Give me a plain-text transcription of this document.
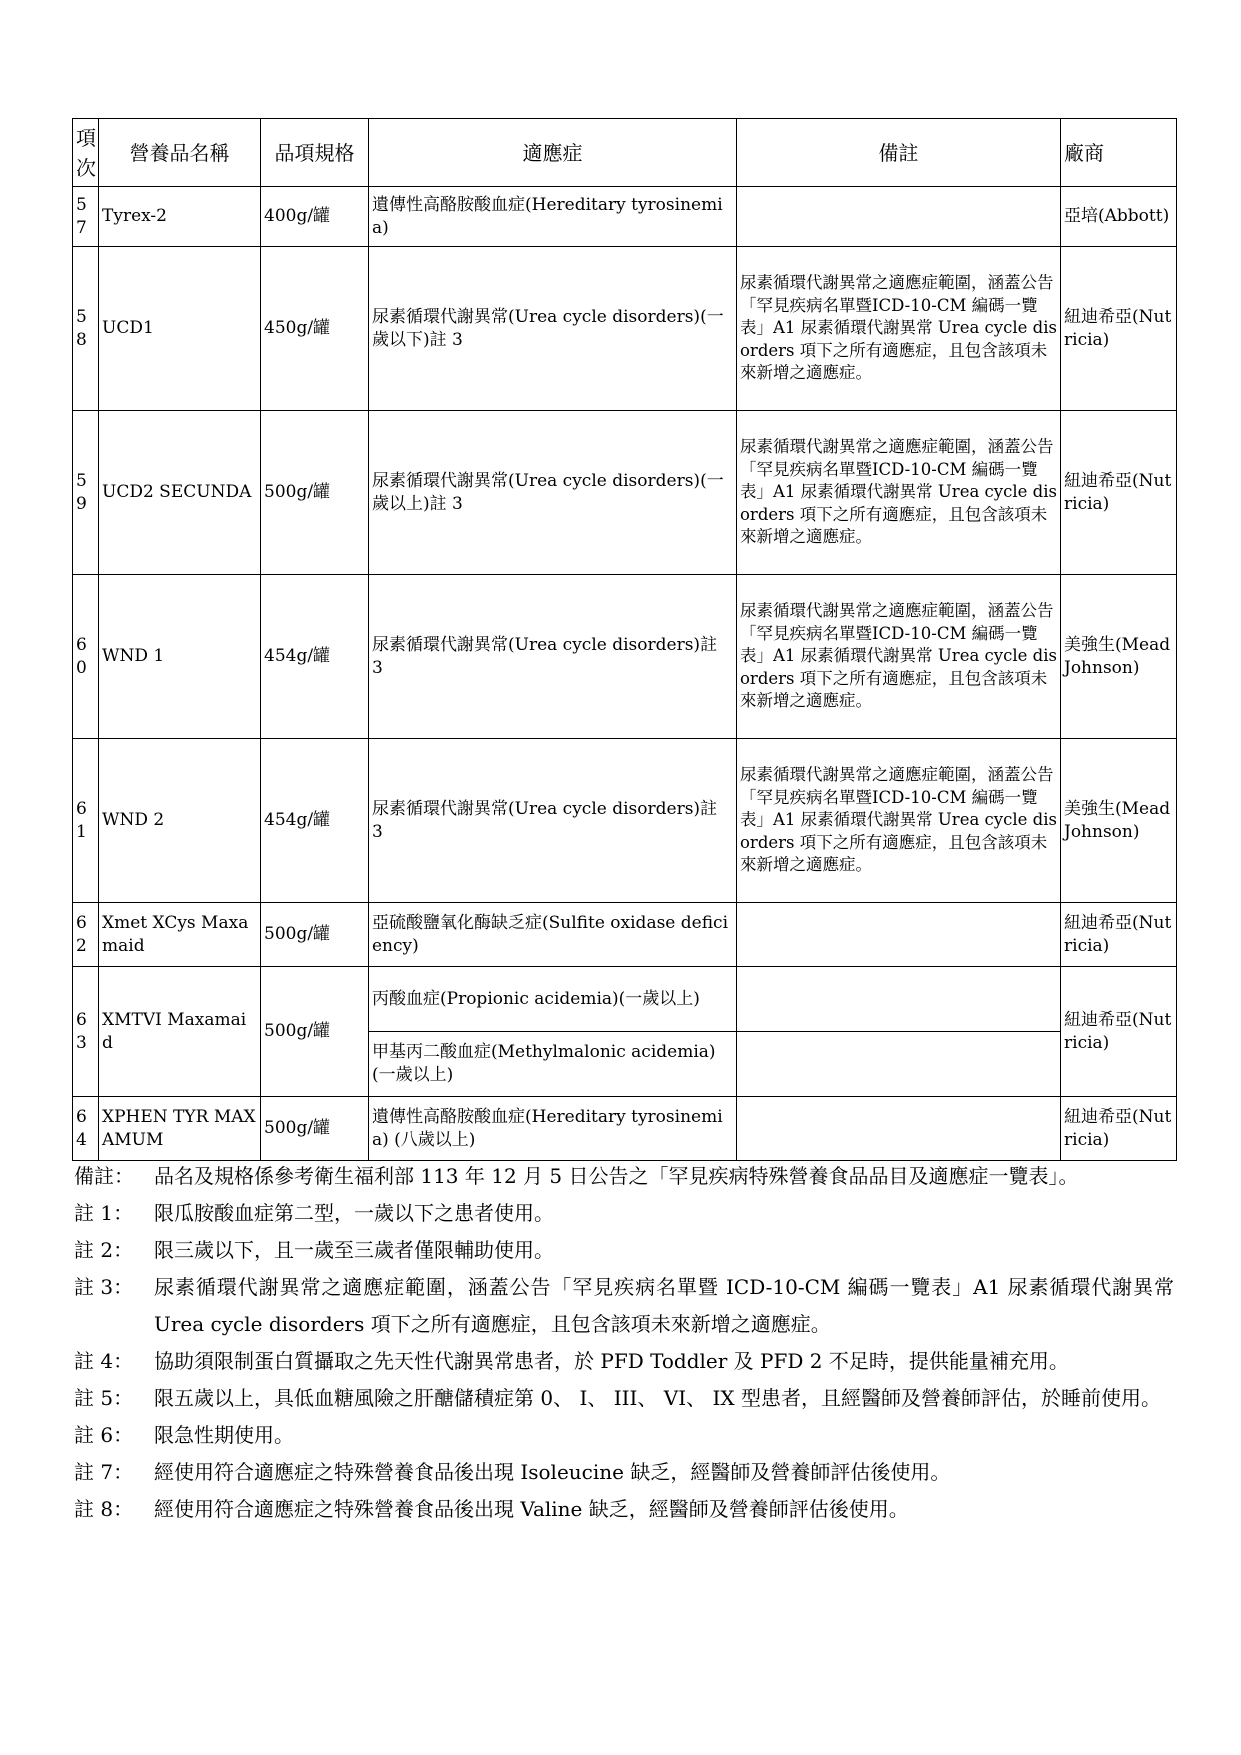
項次	營養品名稱	品項規格	適應症	備註	廠商
57	Tyrex-2	400g/罐	遺傳性高酪胺酸血症(Hereditary tyrosinemia)		亞培(Abbott)
58	UCD1	450g/罐	尿素循環代謝異常(Urea cycle disorders)(一歲以下)註 3	尿素循環代謝異常之適應症範圍，涵蓋公告「罕見疾病名單暨ICD-10-CM 編碼一覽表」A1 尿素循環代謝異常 Urea cycle disorders 項下之所有適應症，且包含該項未來新增之適應症。	紐迪希亞(Nutricia)
59	UCD2 SECUNDA	500g/罐	尿素循環代謝異常(Urea cycle disorders)(一歲以上)註 3	尿素循環代謝異常之適應症範圍，涵蓋公告「罕見疾病名單暨ICD-10-CM 編碼一覽表」A1 尿素循環代謝異常 Urea cycle disorders 項下之所有適應症，且包含該項未來新增之適應症。	紐迪希亞(Nutricia)
60	WND 1	454g/罐	尿素循環代謝異常(Urea cycle disorders)註 3	尿素循環代謝異常之適應症範圍，涵蓋公告「罕見疾病名單暨ICD-10-CM 編碼一覽表」A1 尿素循環代謝異常 Urea cycle disorders 項下之所有適應症，且包含該項未來新增之適應症。	美強生(Mead Johnson)
61	WND 2	454g/罐	尿素循環代謝異常(Urea cycle disorders)註 3	尿素循環代謝異常之適應症範圍，涵蓋公告「罕見疾病名單暨ICD-10-CM 編碼一覽表」A1 尿素循環代謝異常 Urea cycle disorders 項下之所有適應症，且包含該項未來新增之適應症。	美強生(Mead Johnson)
62	Xmet XCys Maxamaid	500g/罐	亞硫酸鹽氧化酶缺乏症(Sulfite oxidase deficiency)		紐迪希亞(Nutricia)
63	XMTVI Maxamaid	500g/罐	丙酸血症(Propionic acidemia)(一歲以上)		紐迪希亞(Nutricia)
			甲基丙二酸血症(Methylmalonic acidemia) (一歲以上)		
64	XPHEN TYR MAXAMUM	500g/罐	遺傳性高酪胺酸血症(Hereditary tyrosinemia) (八歲以上)		紐迪希亞(Nutricia)
備註：	品名及規格係參考衛生福利部 113 年 12 月 5 日公告之「罕見疾病特殊營養食品品目及適應症一覽表」。
註 1：	限瓜胺酸血症第二型，一歲以下之患者使用。
註 2：	限三歲以下，且一歲至三歲者僅限輔助使用。
註 3：	尿素循環代謝異常之適應症範圍，涵蓋公告「罕見疾病名單暨 ICD-10-CM 編碼一覽表」A1 尿素循環代謝異常 Urea cycle disorders 項下之所有適應症，且包含該項未來新增之適應症。
註 4：	協助須限制蛋白質攝取之先天性代謝異常患者，於 PFD Toddler 及 PFD 2 不足時，提供能量補充用。
註 5：	限五歲以上，具低血糖風險之肝醣儲積症第 0、 I、 III、 VI、 IX 型患者，且經醫師及營養師評估，於睡前使用。
註 6：	限急性期使用。
註 7：	經使用符合適應症之特殊營養食品後出現 Isoleucine 缺乏，經醫師及營養師評估後使用。
註 8：	經使用符合適應症之特殊營養食品後出現 Valine 缺乏，經醫師及營養師評估後使用。
